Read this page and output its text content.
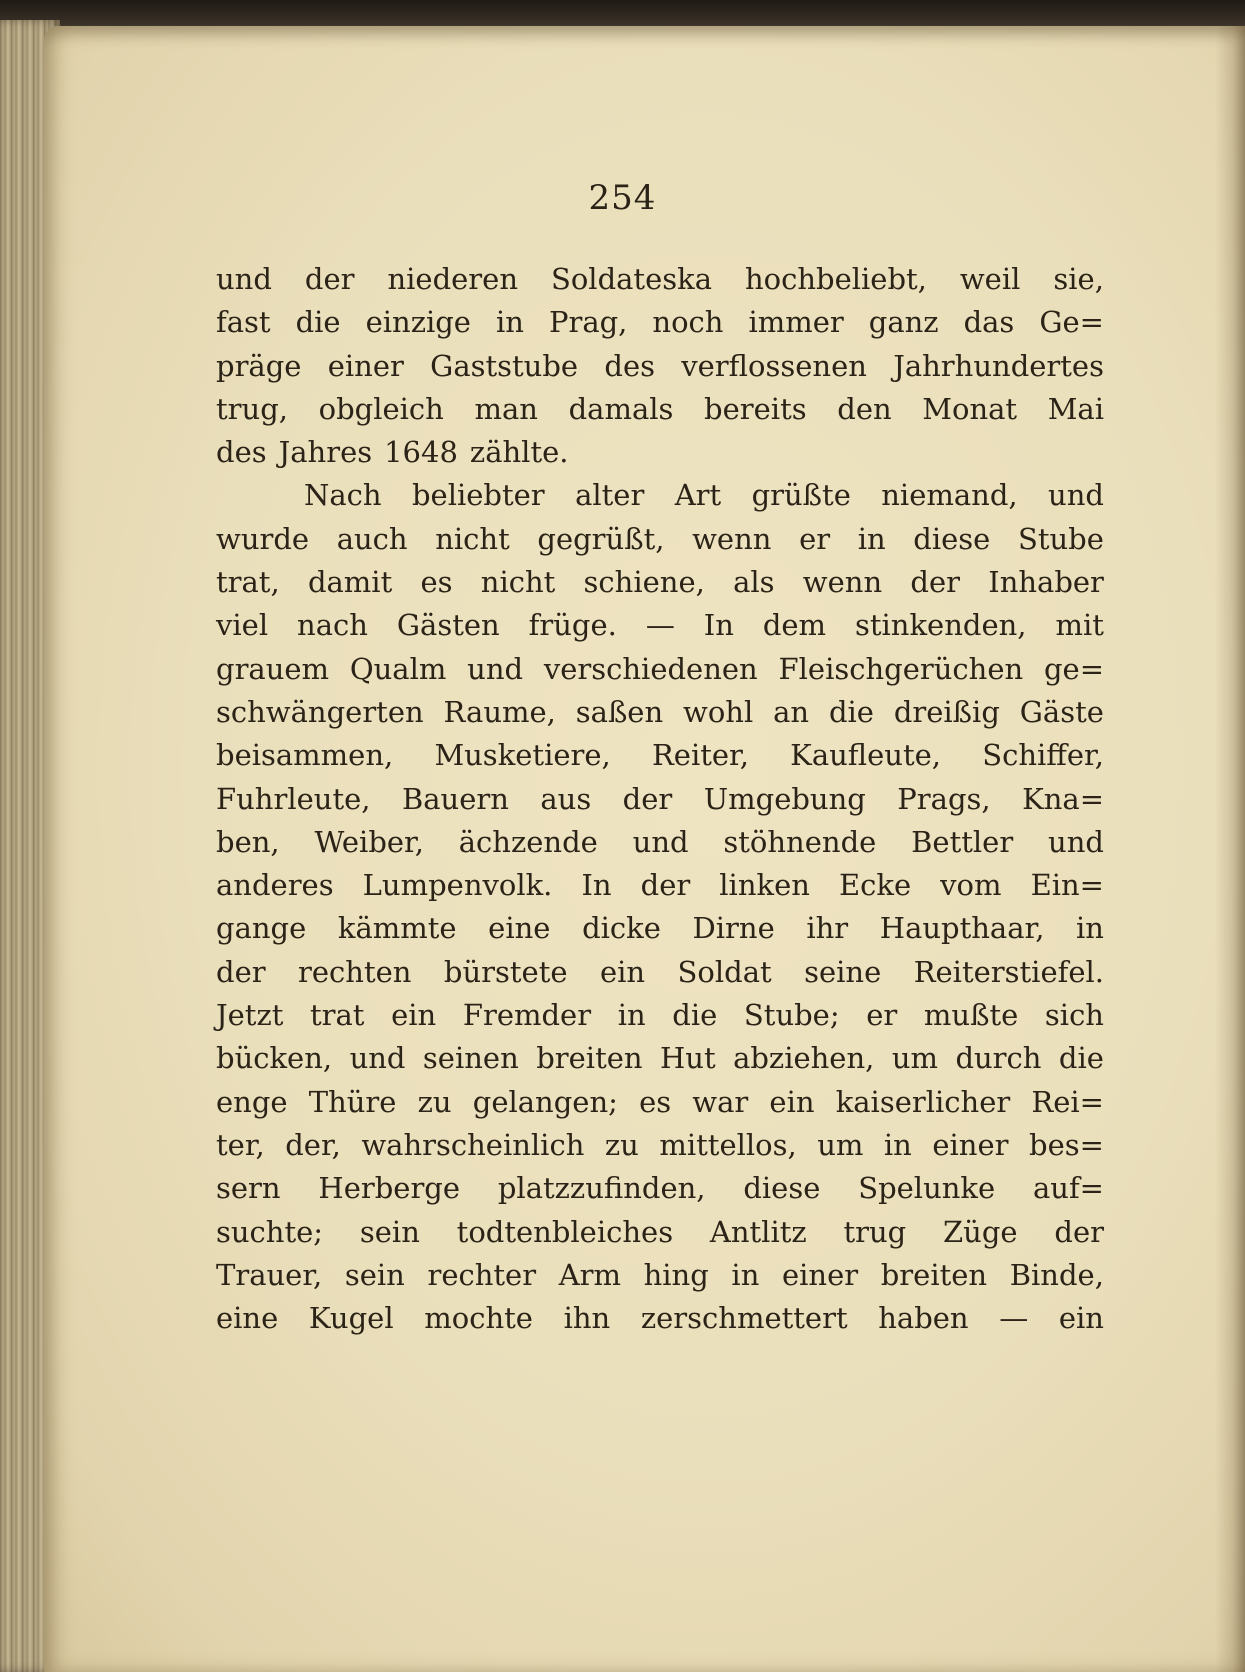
254
und der niederen Soldateska hochbeliebt, weil sie,
fast die einzige in Prag, noch immer ganz das Ge=
präge einer Gaststube des verflossenen Jahrhundertes
trug, obgleich man damals bereits den Monat Mai
des Jahres 1648 zählte.
Nach beliebter alter Art grüßte niemand, und
wurde auch nicht gegrüßt, wenn er in diese Stube
trat, damit es nicht schiene, als wenn der Inhaber
viel nach Gästen früge. — In dem stinkenden, mit
grauem Qualm und verschiedenen Fleischgerüchen ge=
schwängerten Raume, saßen wohl an die dreißig Gäste
beisammen, Musketiere, Reiter, Kaufleute, Schiffer,
Fuhrleute, Bauern aus der Umgebung Prags, Kna=
ben, Weiber, ächzende und stöhnende Bettler und
anderes Lumpenvolk. In der linken Ecke vom Ein=
gange kämmte eine dicke Dirne ihr Haupthaar, in
der rechten bürstete ein Soldat seine Reiterstiefel.
Jetzt trat ein Fremder in die Stube; er mußte sich
bücken, und seinen breiten Hut abziehen, um durch die
enge Thüre zu gelangen; es war ein kaiserlicher Rei=
ter, der, wahrscheinlich zu mittellos, um in einer bes=
sern Herberge platzzufinden, diese Spelunke auf=
suchte; sein todtenbleiches Antlitz trug Züge der
Trauer, sein rechter Arm hing in einer breiten Binde,
eine Kugel mochte ihn zerschmettert haben — ein
